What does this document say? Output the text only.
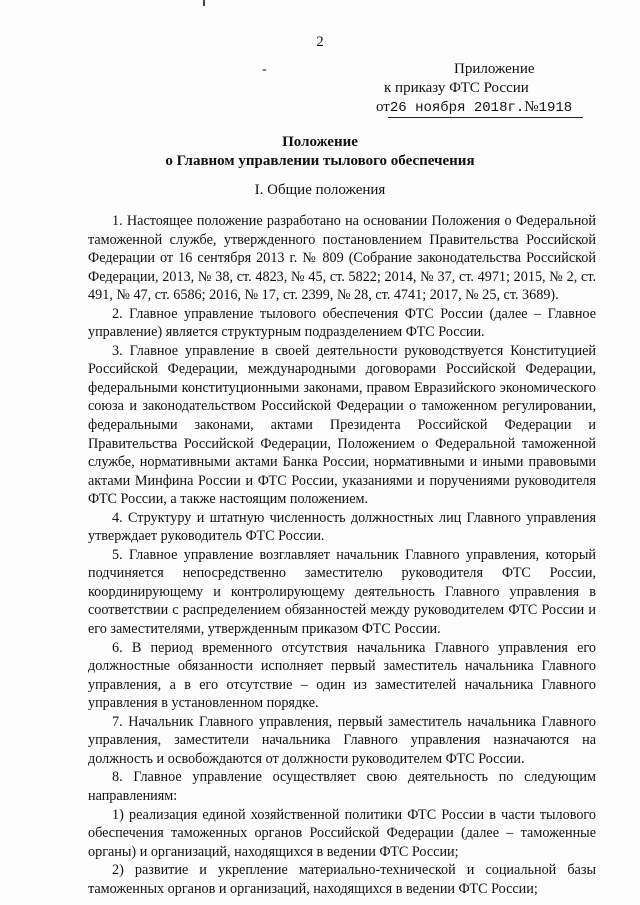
2
-	Приложение
к приказу ФТС России
от26 ноября 2018г.№1918
Положение
о Главном управлении тылового обеспечения
I. Общие положения

1. Настоящее положение разработано на основании Положения о Федеральной таможенной службе, утвержденного постановлением Правительства Российской Федерации от 16 сентября 2013 г. № 809 (Собрание законодательства Российской Федерации, 2013, № 38, ст. 4823, № 45, ст. 5822; 2014, № 37, ст. 4971; 2015, № 2, ст. 491, № 47, ст. 6586; 2016, № 17, ст. 2399, № 28, ст. 4741; 2017, № 25, ст. 3689).

2. Главное управление тылового обеспечения ФТС России (далее – Главное управление) является структурным подразделением ФТС России.

3. Главное управление в своей деятельности руководствуется Конституцией Российской Федерации, международными договорами Российской Федерации, федеральными конституционными законами, правом Евразийского экономического союза и законодательством Российской Федерации о таможенном регулировании, федеральными законами, актами Президента Российской Федерации и Правительства Российской Федерации, Положением о Федеральной таможенной службе, нормативными актами Банка России, нормативными и иными правовыми актами Минфина России и ФТС России, указаниями и поручениями руководителя ФТС России, а также настоящим положением.

4. Структуру и штатную численность должностных лиц Главного управления утверждает руководитель ФТС России.

5. Главное управление возглавляет начальник Главного управления, который подчиняется непосредственно заместителю руководителя ФТС России, координирующему и контролирующему деятельность Главного управления в соответствии с распределением обязанностей между руководителем ФТС России и его заместителями, утвержденным приказом ФТС России.

6. В период временного отсутствия начальника Главного управления его должностные обязанности исполняет первый заместитель начальника Главного управления, а в его отсутствие – один из заместителей начальника Главного управления в установленном порядке.

7. Начальник Главного управления, первый заместитель начальника Главного управления, заместители начальника Главного управления назначаются на должность и освобождаются от должности руководителем ФТС России.

8. Главное управление осуществляет свою деятельность по следующим направлениям:

1) реализация единой хозяйственной политики ФТС России в части тылового обеспечения таможенных органов Российской Федерации (далее – таможенные органы) и организаций, находящихся в ведении ФТС России;

2) развитие и укрепление материально-технической и социальной базы таможенных органов и организаций, находящихся в ведении ФТС России;
